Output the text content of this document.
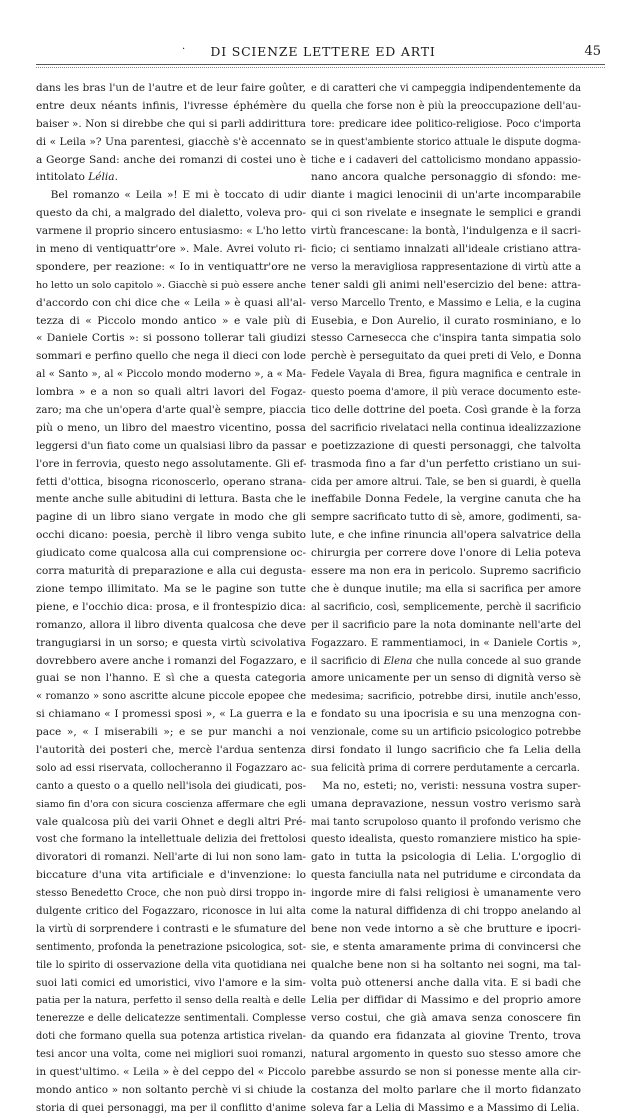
·	DI SCIENZE LETTERE ED ARTI	45
dans les bras l'un de l'autre et de leur faire goûter,
entre deux néants infinis, l'ivresse éphémère du
baiser ». Non si direbbe che qui si parli addirittura
di « Leila »? Una parentesi, giacchè s'è accennato
a George Sand: anche dei romanzi di costei uno è
intitolato Lélia.
Bel romanzo « Leila »! E mi è toccato di udir
questo da chi, a malgrado del dialetto, voleva pro-
varmene il proprio sincero entusiasmo: « L'ho letto
in meno di ventiquattr'ore ». Male. Avrei voluto ri-
spondere, per reazione: « Io in ventiquattr'ore ne
ho letto un solo capitolo ». Giacchè si può essere anche
d'accordo con chi dice che « Leila » è quasi all'al-
tezza di « Piccolo mondo antico » e vale più di
« Daniele Cortis »: si possono tollerar tali giudizi
sommari e perfino quello che nega il dieci con lode
al « Santo », al « Piccolo mondo moderno », a « Ma-
lombra » e a non so quali altri lavori del Fogaz-
zaro; ma che un'opera d'arte qual'è sempre, piaccia
più o meno, un libro del maestro vicentino, possa
leggersi d'un fiato come un qualsiasi libro da passar
l'ore in ferrovia, questo nego assolutamente. Gli ef-
fetti d'ottica, bisogna riconoscerlo, operano strana-
mente anche sulle abitudini di lettura. Basta che le
pagine di un libro siano vergate in modo che gli
occhi dicano: poesia, perchè il libro venga subito
giudicato come qualcosa alla cui comprensione oc-
corra maturità di preparazione e alla cui degusta-
zione tempo illimitato. Ma se le pagine son tutte
piene, e l'occhio dica: prosa, e il frontespizio dica:
romanzo, allora il libro diventa qualcosa che deve
trangugiarsi in un sorso; e questa virtù scivolativa
dovrebbero avere anche i romanzi del Fogazzaro, e
guai se non l'hanno. E sì che a questa categoria
« romanzo » sono ascritte alcune piccole epopee che
si chiamano « I promessi sposi », « La guerra e la
pace », « I miserabili »; e se pur manchi a noi
l'autorità dei posteri che, mercè l'ardua sentenza
solo ad essi riservata, collocheranno il Fogazzaro ac-
canto a questo o a quello nell'isola dei giudicati, pos-
siamo fin d'ora con sicura coscienza affermare che egli
vale qualcosa più dei varii Ohnet e degli altri Pré-
vost che formano la intellettuale delizia dei frettolosi
divoratori di romanzi. Nell'arte di lui non sono lam-
biccature d'una vita artificiale e d'invenzione: lo
stesso Benedetto Croce, che non può dirsi troppo in-
dulgente critico del Fogazzaro, riconosce in lui alta
la virtù di sorprendere i contrasti e le sfumature del
sentimento, profonda la penetrazione psicologica, sot-
tile lo spirito di osservazione della vita quotidiana nei
suoi lati comici ed umoristici, vivo l'amore e la sim-
patia per la natura, perfetto il senso della realtà e delle
tenerezze e delle delicatezze sentimentali. Complesse
doti che formano quella sua potenza artistica rivelan-
tesi ancor una volta, come nei migliori suoi romanzi,
in quest'ultimo. « Leila » è del ceppo del « Piccolo
mondo antico » non soltanto perchè vi si chiude la
storia di quei personaggi, ma per il conflitto d'anime
e di caratteri che vi campeggia indipendentemente da
quella che forse non è più la preoccupazione dell'au-
tore: predicare idee politico-religiose. Poco c'importa
se in quest'ambiente storico attuale le dispute dogma-
tiche e i cadaveri del cattolicismo mondano appassio-
nano ancora qualche personaggio di sfondo: me-
diante i magici lenocinii di un'arte incomparabile
qui ci son rivelate e insegnate le semplici e grandi
virtù francescane: la bontà, l'indulgenza e il sacri-
ficio; ci sentiamo innalzati all'ideale cristiano attra-
verso la meravigliosa rappresentazione di virtù atte a
tener saldi gli animi nell'esercizio del bene: attra-
verso Marcello Trento, e Massimo e Lelia, e la cugina
Eusebia, e Don Aurelio, il curato rosminiano, e lo
stesso Carnesecca che c'inspira tanta simpatia solo
perchè è perseguitato da quei preti di Velo, e Donna
Fedele Vayala di Brea, figura magnifica e centrale in
questo poema d'amore, il più verace documento este-
tico delle dottrine del poeta. Così grande è la forza
del sacrificio rivelataci nella continua idealizzazione
e poetizzazione di questi personaggi, che talvolta
trasmoda fino a far d'un perfetto cristiano un sui-
cida per amore altrui. Tale, se ben si guardi, è quella
ineffabile Donna Fedele, la vergine canuta che ha
sempre sacrificato tutto di sè, amore, godimenti, sa-
lute, e che infine rinuncia all'opera salvatrice della
chirurgia per correre dove l'onore di Lelia poteva
essere ma non era in pericolo. Supremo sacrificio
che è dunque inutile; ma ella si sacrifica per amore
al sacrificio, così, semplicemente, perchè il sacrificio
per il sacrificio pare la nota dominante nell'arte del
Fogazzaro. E rammentiamoci, in « Daniele Cortis »,
il sacrificio di Elena che nulla concede al suo grande
amore unicamente per un senso di dignità verso sè
medesima; sacrificio, potrebbe dirsi, inutile anch'esso,
e fondato su una ipocrisia e su una menzogna con-
venzionale, come su un artificio psicologico potrebbe
dirsi fondato il lungo sacrificio che fa Lelia della
sua felicità prima di correre perdutamente a cercarla.
Ma no, esteti; no, veristi: nessuna vostra super-
umana depravazione, nessun vostro verismo sarà
mai tanto scrupoloso quanto il profondo verismo che
questo idealista, questo romanziere mistico ha spie-
gato in tutta la psicologia di Lelia. L'orgoglio di
questa fanciulla nata nel putridume e circondata da
ingorde mire di falsi religiosi è umanamente vero
come la natural diffidenza di chi troppo anelando al
bene non vede intorno a sè che brutture e ipocri-
sie, e stenta amaramente prima di convincersi che
qualche bene non si ha soltanto nei sogni, ma tal-
volta può ottenersi anche dalla vita. E si badi che
Lelia per diffidar di Massimo e del proprio amore
verso costui, che già amava senza conoscere fin
da quando era fidanzata al giovine Trento, trova
natural argomento in questo suo stesso amore che
parebbe assurdo se non si ponesse mente alla cir-
costanza del molto parlare che il morto fidanzato
soleva far a Lelia di Massimo e a Massimo di Lelia.
